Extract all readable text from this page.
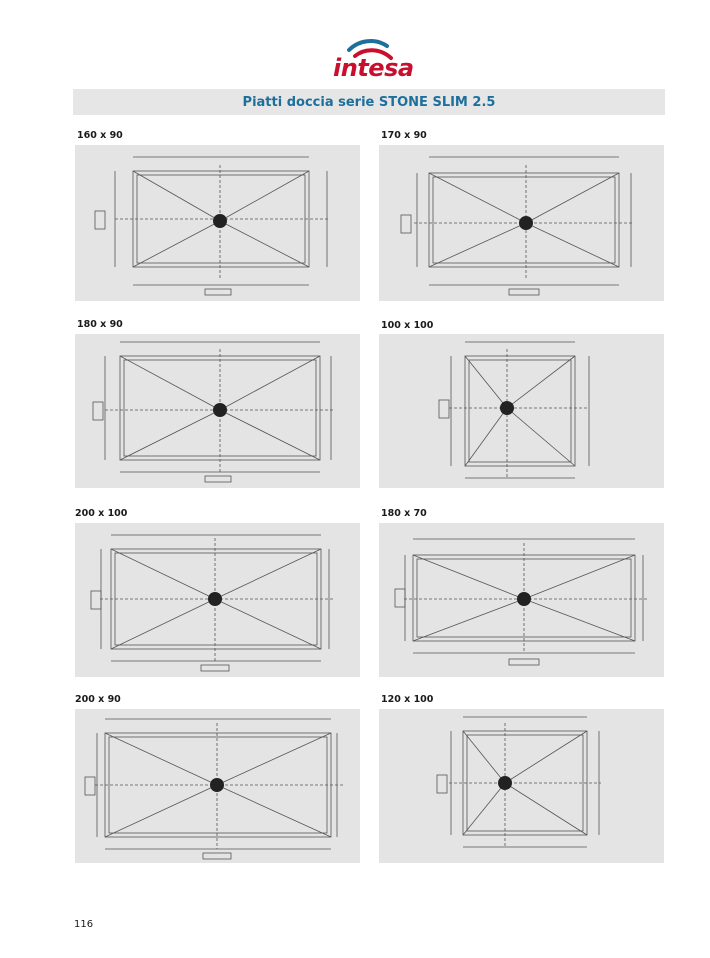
intesa
Piatti doccia serie STONE SLIM 2.5
160 x 90	170 x 90
180 x 90	100 x 100
200 x 100	180 x 70
200 x 90	120 x 100
116
